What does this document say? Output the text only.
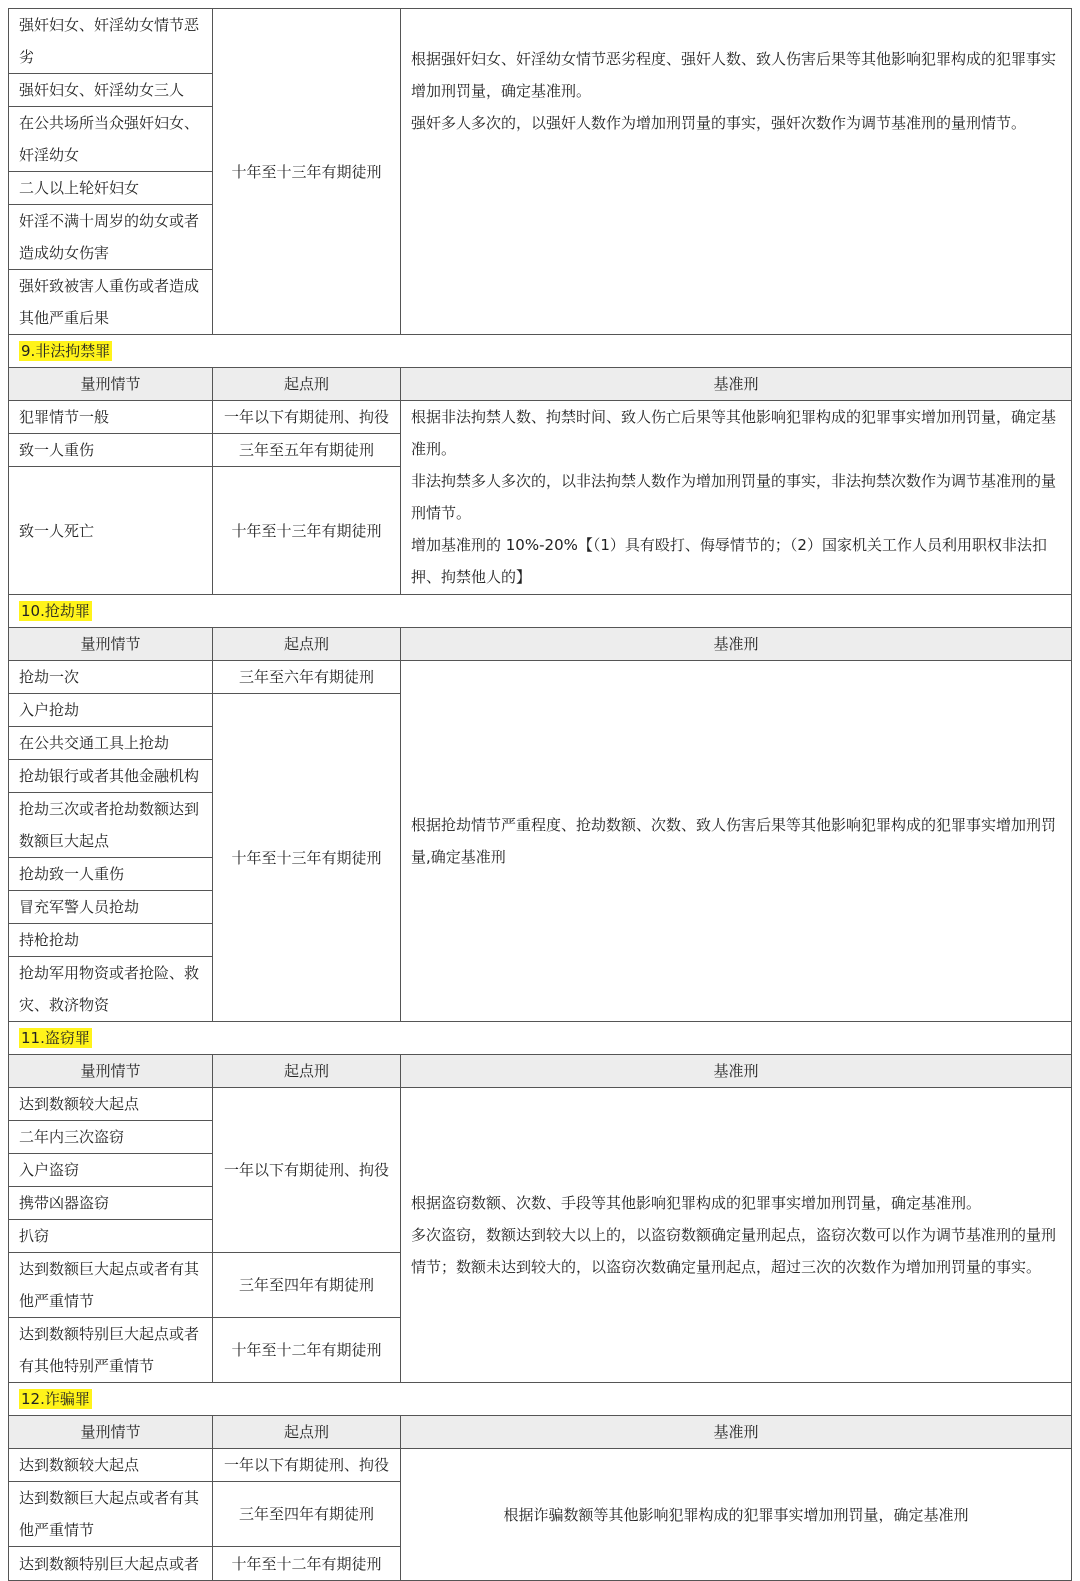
强奸妇女、奸淫幼女情节恶劣	十年至十三年有期徒刑	根据强奸妇女、奸淫幼女情节恶劣程度、强奸人数、致人伤害后果等其他影响犯罪构成的犯罪事实增加刑罚量，确定基准刑。

强奸多人多次的，以强奸人数作为增加刑罚量的事实，强奸次数作为调节基准刑的量刑情节。

强奸妇女、奸淫幼女三人		
在公共场所当众强奸妇女、奸淫幼女		
二人以上轮奸妇女		
奸淫不满十周岁的幼女或者造成幼女伤害		
强奸致被害人重伤或者造成其他严重后果		
9.非法拘禁罪		
量刑情节	起点刑	基准刑
犯罪情节一般	一年以下有期徒刑、拘役	根据非法拘禁人数、拘禁时间、致人伤亡后果等其他影响犯罪构成的犯罪事实增加刑罚量，确定基准刑。

非法拘禁多人多次的，以非法拘禁人数作为增加刑罚量的事实，非法拘禁次数作为调节基准刑的量刑情节。

增加基准刑的 10%-20%【（1）具有殴打、侮辱情节的；（2）国家机关工作人员利用职权非法扣押、拘禁他人的】

致一人重伤	三年至五年有期徒刑	
致一人死亡	十年至十三年有期徒刑	
10.抢劫罪		
量刑情节	起点刑	基准刑
抢劫一次	三年至六年有期徒刑	根据抢劫情节严重程度、抢劫数额、次数、致人伤害后果等其他影响犯罪构成的犯罪事实增加刑罚量,确定基准刑

入户抢劫	十年至十三年有期徒刑	
在公共交通工具上抢劫		
抢劫银行或者其他金融机构		
抢劫三次或者抢劫数额达到数额巨大起点		
抢劫致一人重伤		
冒充军警人员抢劫		
持枪抢劫		
抢劫军用物资或者抢险、救灾、救济物资		
11.盗窃罪		
量刑情节	起点刑	基准刑
达到数额较大起点	一年以下有期徒刑、拘役	根据盗窃数额、次数、手段等其他影响犯罪构成的犯罪事实增加刑罚量，确定基准刑。

多次盗窃，数额达到较大以上的，以盗窃数额确定量刑起点，盗窃次数可以作为调节基准刑的量刑情节；数额未达到较大的，以盗窃次数确定量刑起点，超过三次的次数作为增加刑罚量的事实。

二年内三次盗窃		
入户盗窃		
携带凶器盗窃		
扒窃		
达到数额巨大起点或者有其他严重情节	三年至四年有期徒刑	
达到数额特别巨大起点或者有其他特别严重情节	十年至十二年有期徒刑	
12.诈骗罪		
量刑情节	起点刑	基准刑
达到数额较大起点	一年以下有期徒刑、拘役	根据诈骗数额等其他影响犯罪构成的犯罪事实增加刑罚量，确定基准刑

达到数额巨大起点或者有其他严重情节	三年至四年有期徒刑	
达到数额特别巨大起点或者	十年至十二年有期徒刑	
